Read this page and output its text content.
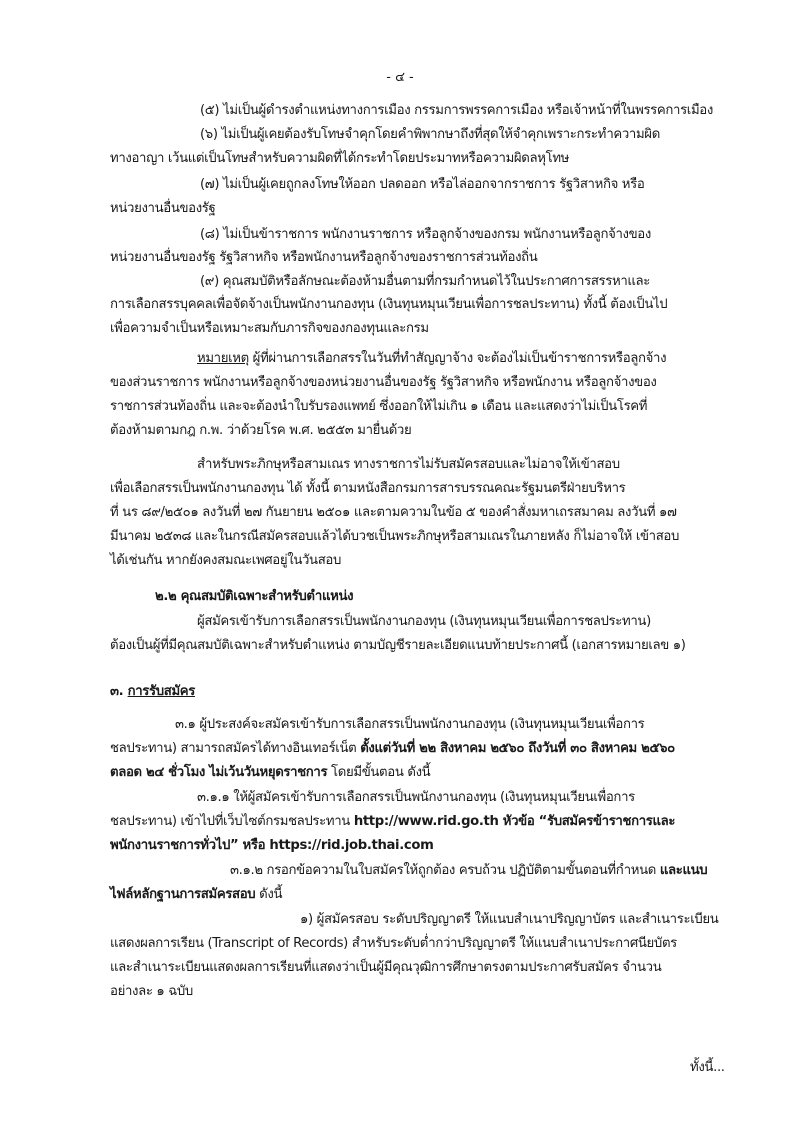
- ๔ -
(๕) ไม่เป็นผู้ดำรงตำแหน่งทางการเมือง กรรมการพรรคการเมือง หรือเจ้าหน้าที่ในพรรคการเมือง
(๖) ไม่เป็นผู้เคยต้องรับโทษจำคุกโดยคำพิพากษาถึงที่สุดให้จำคุกเพราะกระทำความผิด
ทางอาญา เว้นแต่เป็นโทษสำหรับความผิดที่ได้กระทำโดยประมาทหรือความผิดลหุโทษ
(๗) ไม่เป็นผู้เคยถูกลงโทษให้ออก ปลดออก หรือไล่ออกจากราชการ รัฐวิสาหกิจ หรือ
หน่วยงานอื่นของรัฐ
(๘) ไม่เป็นข้าราชการ พนักงานราชการ หรือลูกจ้างของกรม พนักงานหรือลูกจ้างของ
หน่วยงานอื่นของรัฐ รัฐวิสาหกิจ หรือพนักงานหรือลูกจ้างของราชการส่วนท้องถิ่น
(๙) คุณสมบัติหรือลักษณะต้องห้ามอื่นตามที่กรมกำหนดไว้ในประกาศการสรรหาและ
การเลือกสรรบุคคลเพื่อจัดจ้างเป็นพนักงานกองทุน (เงินทุนหมุนเวียนเพื่อการชลประทาน) ทั้งนี้ ต้องเป็นไป
เพื่อความจำเป็นหรือเหมาะสมกับภารกิจของกองทุนและกรม
หมายเหตุ ผู้ที่ผ่านการเลือกสรรในวันที่ทำสัญญาจ้าง จะต้องไม่เป็นข้าราชการหรือลูกจ้าง
ของส่วนราชการ พนักงานหรือลูกจ้างของหน่วยงานอื่นของรัฐ รัฐวิสาหกิจ หรือพนักงาน หรือลูกจ้างของ
ราชการส่วนท้องถิ่น และจะต้องนำใบรับรองแพทย์ ซึ่งออกให้ไม่เกิน ๑ เดือน และแสดงว่าไม่เป็นโรคที่
ต้องห้ามตามกฎ ก.พ. ว่าด้วยโรค พ.ศ. ๒๕๕๓ มายื่นด้วย
สำหรับพระภิกษุหรือสามเณร ทางราชการไม่รับสมัครสอบและไม่อาจให้เข้าสอบ
เพื่อเลือกสรรเป็นพนักงานกองทุน ได้ ทั้งนี้ ตามหนังสือกรมการสารบรรณคณะรัฐมนตรีฝ่ายบริหาร
ที่ นร ๘๙/๒๕๐๑ ลงวันที่ ๒๗ กันยายน ๒๕๐๑ และตามความในข้อ ๕ ของคำสั่งมหาเถรสมาคม ลงวันที่ ๑๗
มีนาคม ๒๕๓๘ และในกรณีสมัครสอบแล้วได้บวชเป็นพระภิกษุหรือสามเณรในภายหลัง ก็ไม่อาจให้ เข้าสอบ
ได้เช่นกัน หากยังคงสมณะเพศอยู่ในวันสอบ
๒.๒ คุณสมบัติเฉพาะสำหรับตำแหน่ง
ผู้สมัครเข้ารับการเลือกสรรเป็นพนักงานกองทุน (เงินทุนหมุนเวียนเพื่อการชลประทาน)
ต้องเป็นผู้ที่มีคุณสมบัติเฉพาะสำหรับตำแหน่ง ตามบัญชีรายละเอียดแนบท้ายประกาศนี้ (เอกสารหมายเลข ๑)
๓. การรับสมัคร
๓.๑ ผู้ประสงค์จะสมัครเข้ารับการเลือกสรรเป็นพนักงานกองทุน (เงินทุนหมุนเวียนเพื่อการ
ชลประทาน) สามารถสมัครได้ทางอินเทอร์เน็ต ตั้งแต่วันที่ ๒๒ สิงหาคม ๒๕๖๐ ถึงวันที่ ๓๐ สิงหาคม ๒๕๖๐
ตลอด ๒๔ ชั่วโมง ไม่เว้นวันหยุดราชการ โดยมีขั้นตอน ดังนี้
๓.๑.๑ ให้ผู้สมัครเข้ารับการเลือกสรรเป็นพนักงานกองทุน (เงินทุนหมุนเวียนเพื่อการ
ชลประทาน) เข้าไปที่เว็บไซต์กรมชลประทาน http://www.rid.go.th หัวข้อ “รับสมัครข้าราชการและ
พนักงานราชการทั่วไป” หรือ https://rid.job.thai.com
๓.๑.๒ กรอกข้อความในใบสมัครให้ถูกต้อง ครบถ้วน ปฏิบัติตามขั้นตอนที่กำหนด และแนบ
ไฟล์หลักฐานการสมัครสอบ ดังนี้
๑) ผู้สมัครสอบ ระดับปริญญาตรี ให้แนบสำเนาปริญญาบัตร และสำเนาระเบียน
แสดงผลการเรียน (Transcript of Records) สำหรับระดับต่ำกว่าปริญญาตรี ให้แนบสำเนาประกาศนียบัตร
และสำเนาระเบียนแสดงผลการเรียนที่แสดงว่าเป็นผู้มีคุณวุฒิการศึกษาตรงตามประกาศรับสมัคร จำนวน
อย่างละ ๑ ฉบับ
ทั้งนี้...
